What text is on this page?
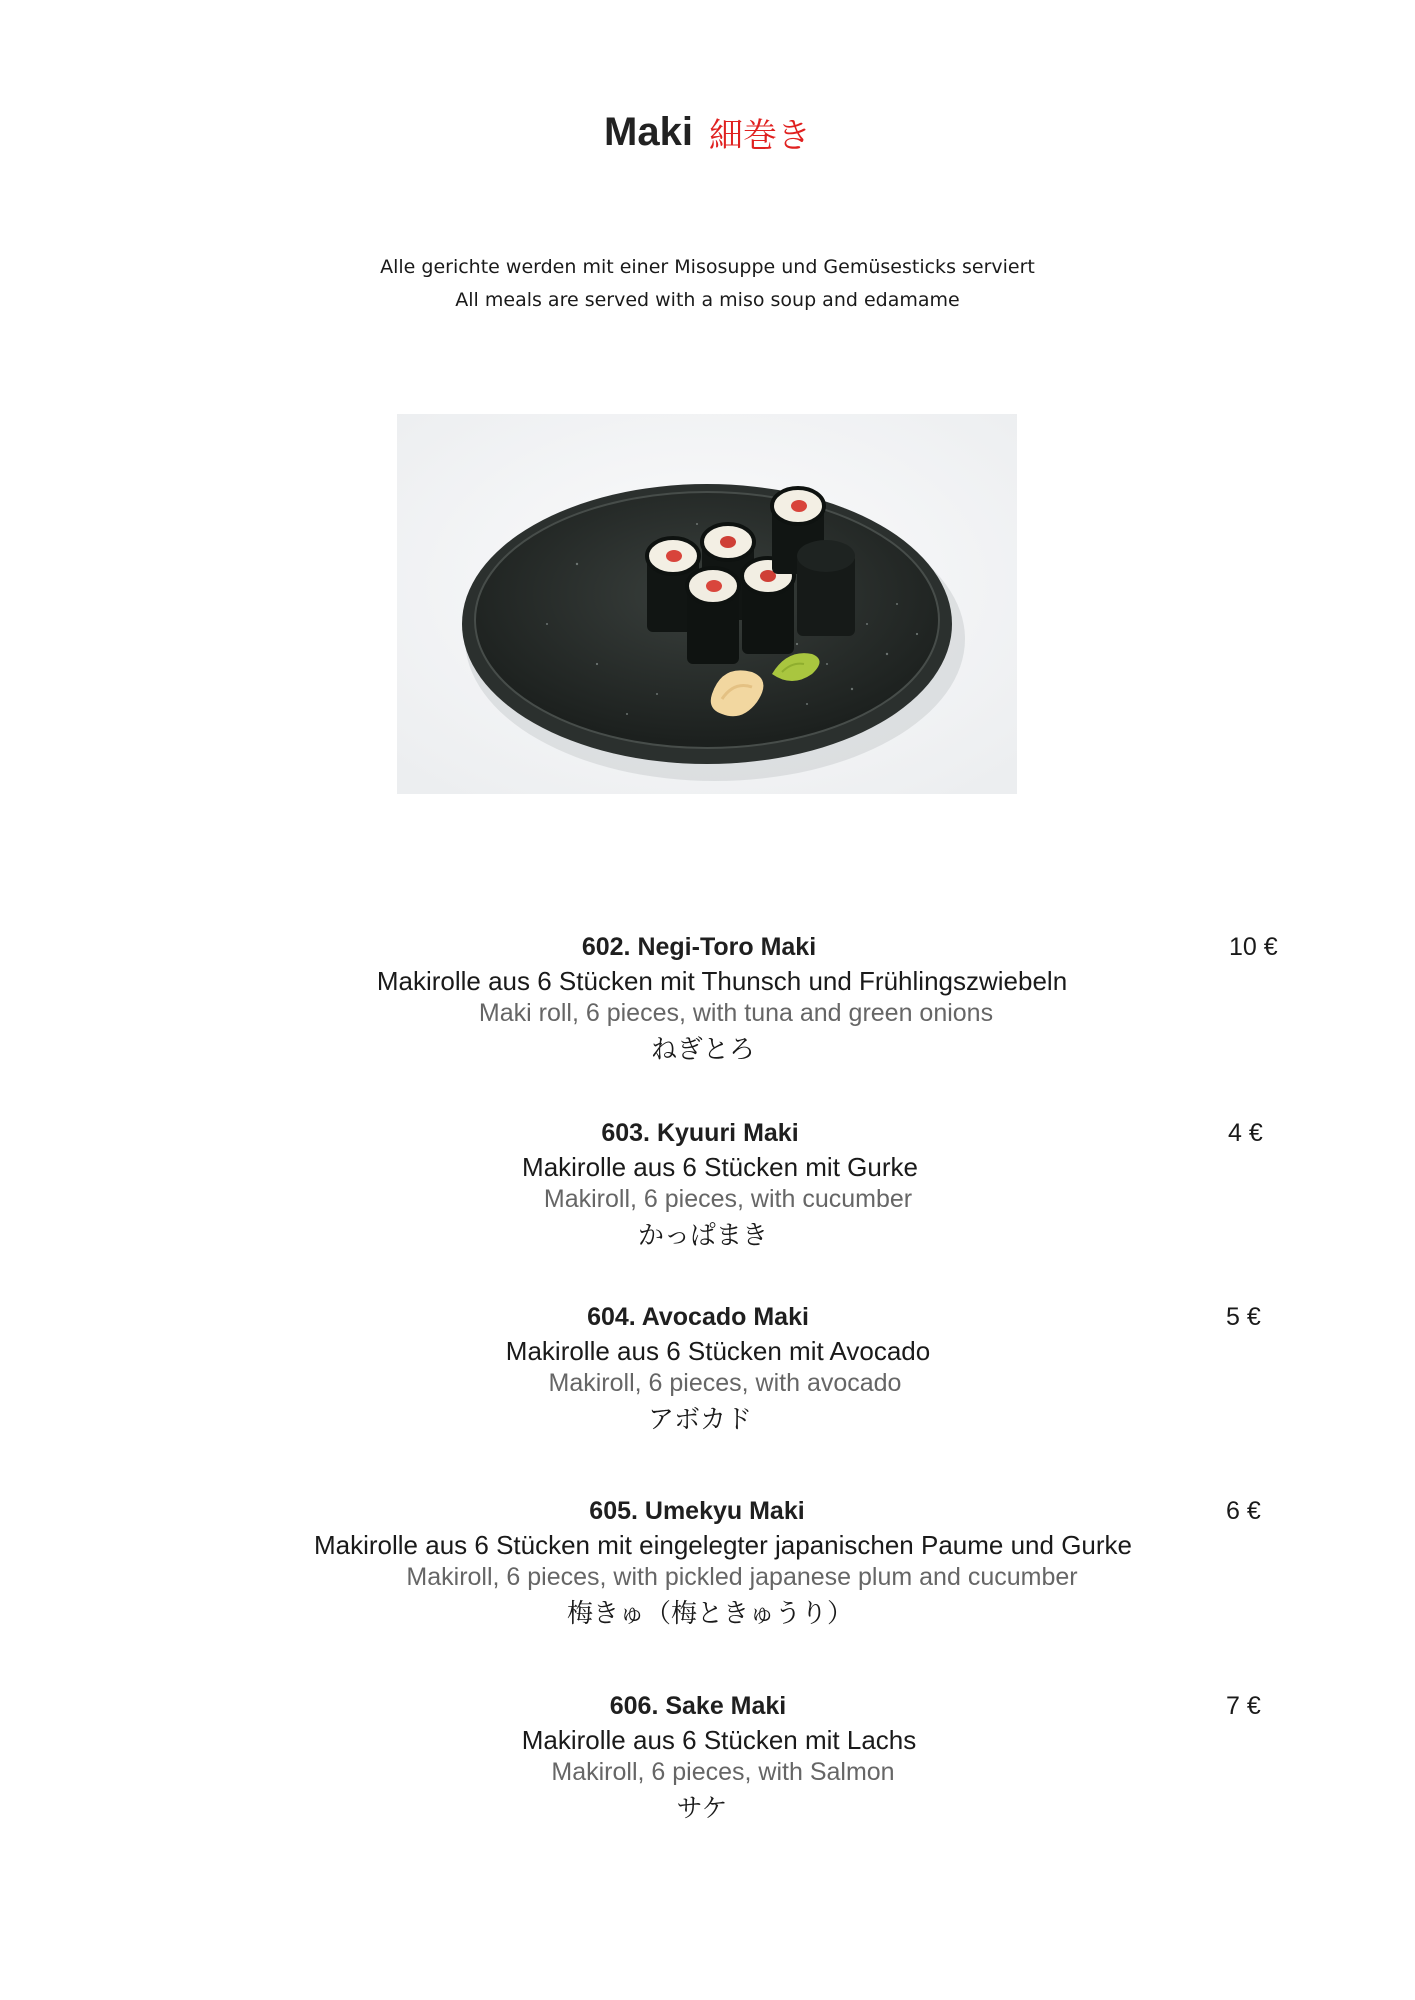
Maki 細巻き
Alle gerichte werden mit einer Misosuppe und Gemüsesticks serviert
All meals are served with a miso soup and edamame
602. Negi-Toro Maki	10 €
Makirolle aus 6 Stücken mit Thunsch und Frühlingszwiebeln
Maki roll, 6 pieces, with tuna and green onions
ねぎとろ
603. Kyuuri Maki	4 €
Makirolle aus 6 Stücken mit Gurke
Makiroll, 6 pieces, with cucumber
かっぱまき
604. Avocado Maki	5 €
Makirolle aus 6 Stücken mit Avocado
Makiroll, 6 pieces, with avocado
アボカド
605. Umekyu Maki	6 €
Makirolle aus 6 Stücken mit eingelegter japanischen Paume und Gurke
Makiroll, 6 pieces, with pickled japanese plum and cucumber
梅きゅ（梅ときゅうり）
606. Sake Maki	7 €
Makirolle aus 6 Stücken mit Lachs
Makiroll, 6 pieces, with Salmon
サケ
